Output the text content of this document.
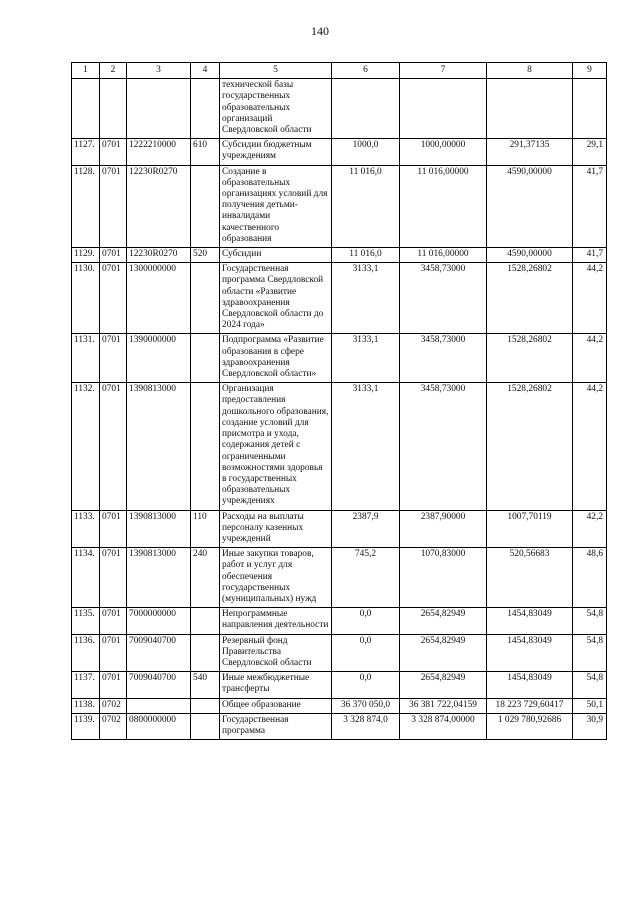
140
1	2	3	4	5	6	7	8	9
				технической базы государственных образовательных организаций Свердловской области				
1127.	0701	1222210000	610	Субсидии бюджетным учреждениям	1000,0	1000,00000	291,37135	29,1
1128.	0701	12230R0270		Создание в образовательных организациях условий для получения детьми-инвалидами качественного образования	11 016,0	11 016,00000	4590,00000	41,7
1129.	0701	12230R0270	520	Субсидии	11 016,0	11 016,00000	4590,00000	41,7
1130.	0701	1300000000		Государственная программа Свердловской области «Развитие здравоохранения Свердловской области до 2024 года»	3133,1	3458,73000	1528,26802	44,2
1131.	0701	1390000000		Подпрограмма «Развитие образования в сфере здравоохранения Свердловской области»	3133,1	3458,73000	1528,26802	44,2
1132.	0701	1390813000		Организация предоставления дошкольного образования, создание условий для присмотра и ухода, содержания детей с ограниченными возможностями здоровья в государственных образовательных учреждениях	3133,1	3458,73000	1528,26802	44,2
1133.	0701	1390813000	110	Расходы на выплаты персоналу казенных учреждений	2387,9	2387,90000	1007,70119	42,2
1134.	0701	1390813000	240	Иные закупки товаров, работ и услуг для обеспечения государственных (муниципальных) нужд	745,2	1070,83000	520,56683	48,6
1135.	0701	7000000000		Непрограммные направления деятельности	0,0	2654,82949	1454,83049	54,8
1136.	0701	7009040700		Резервный фонд Правительства Свердловской области	0,0	2654,82949	1454,83049	54,8
1137.	0701	7009040700	540	Иные межбюджетные трансферты	0,0	2654,82949	1454,83049	54,8
1138.	0702			Общее образование	36 370 050,0	36 381 722,04159	18 223 729,60417	50,1
1139.	0702	0800000000		Государственная программа	3 328 874,0	3 328 874,00000	1 029 780,92686	30,9
